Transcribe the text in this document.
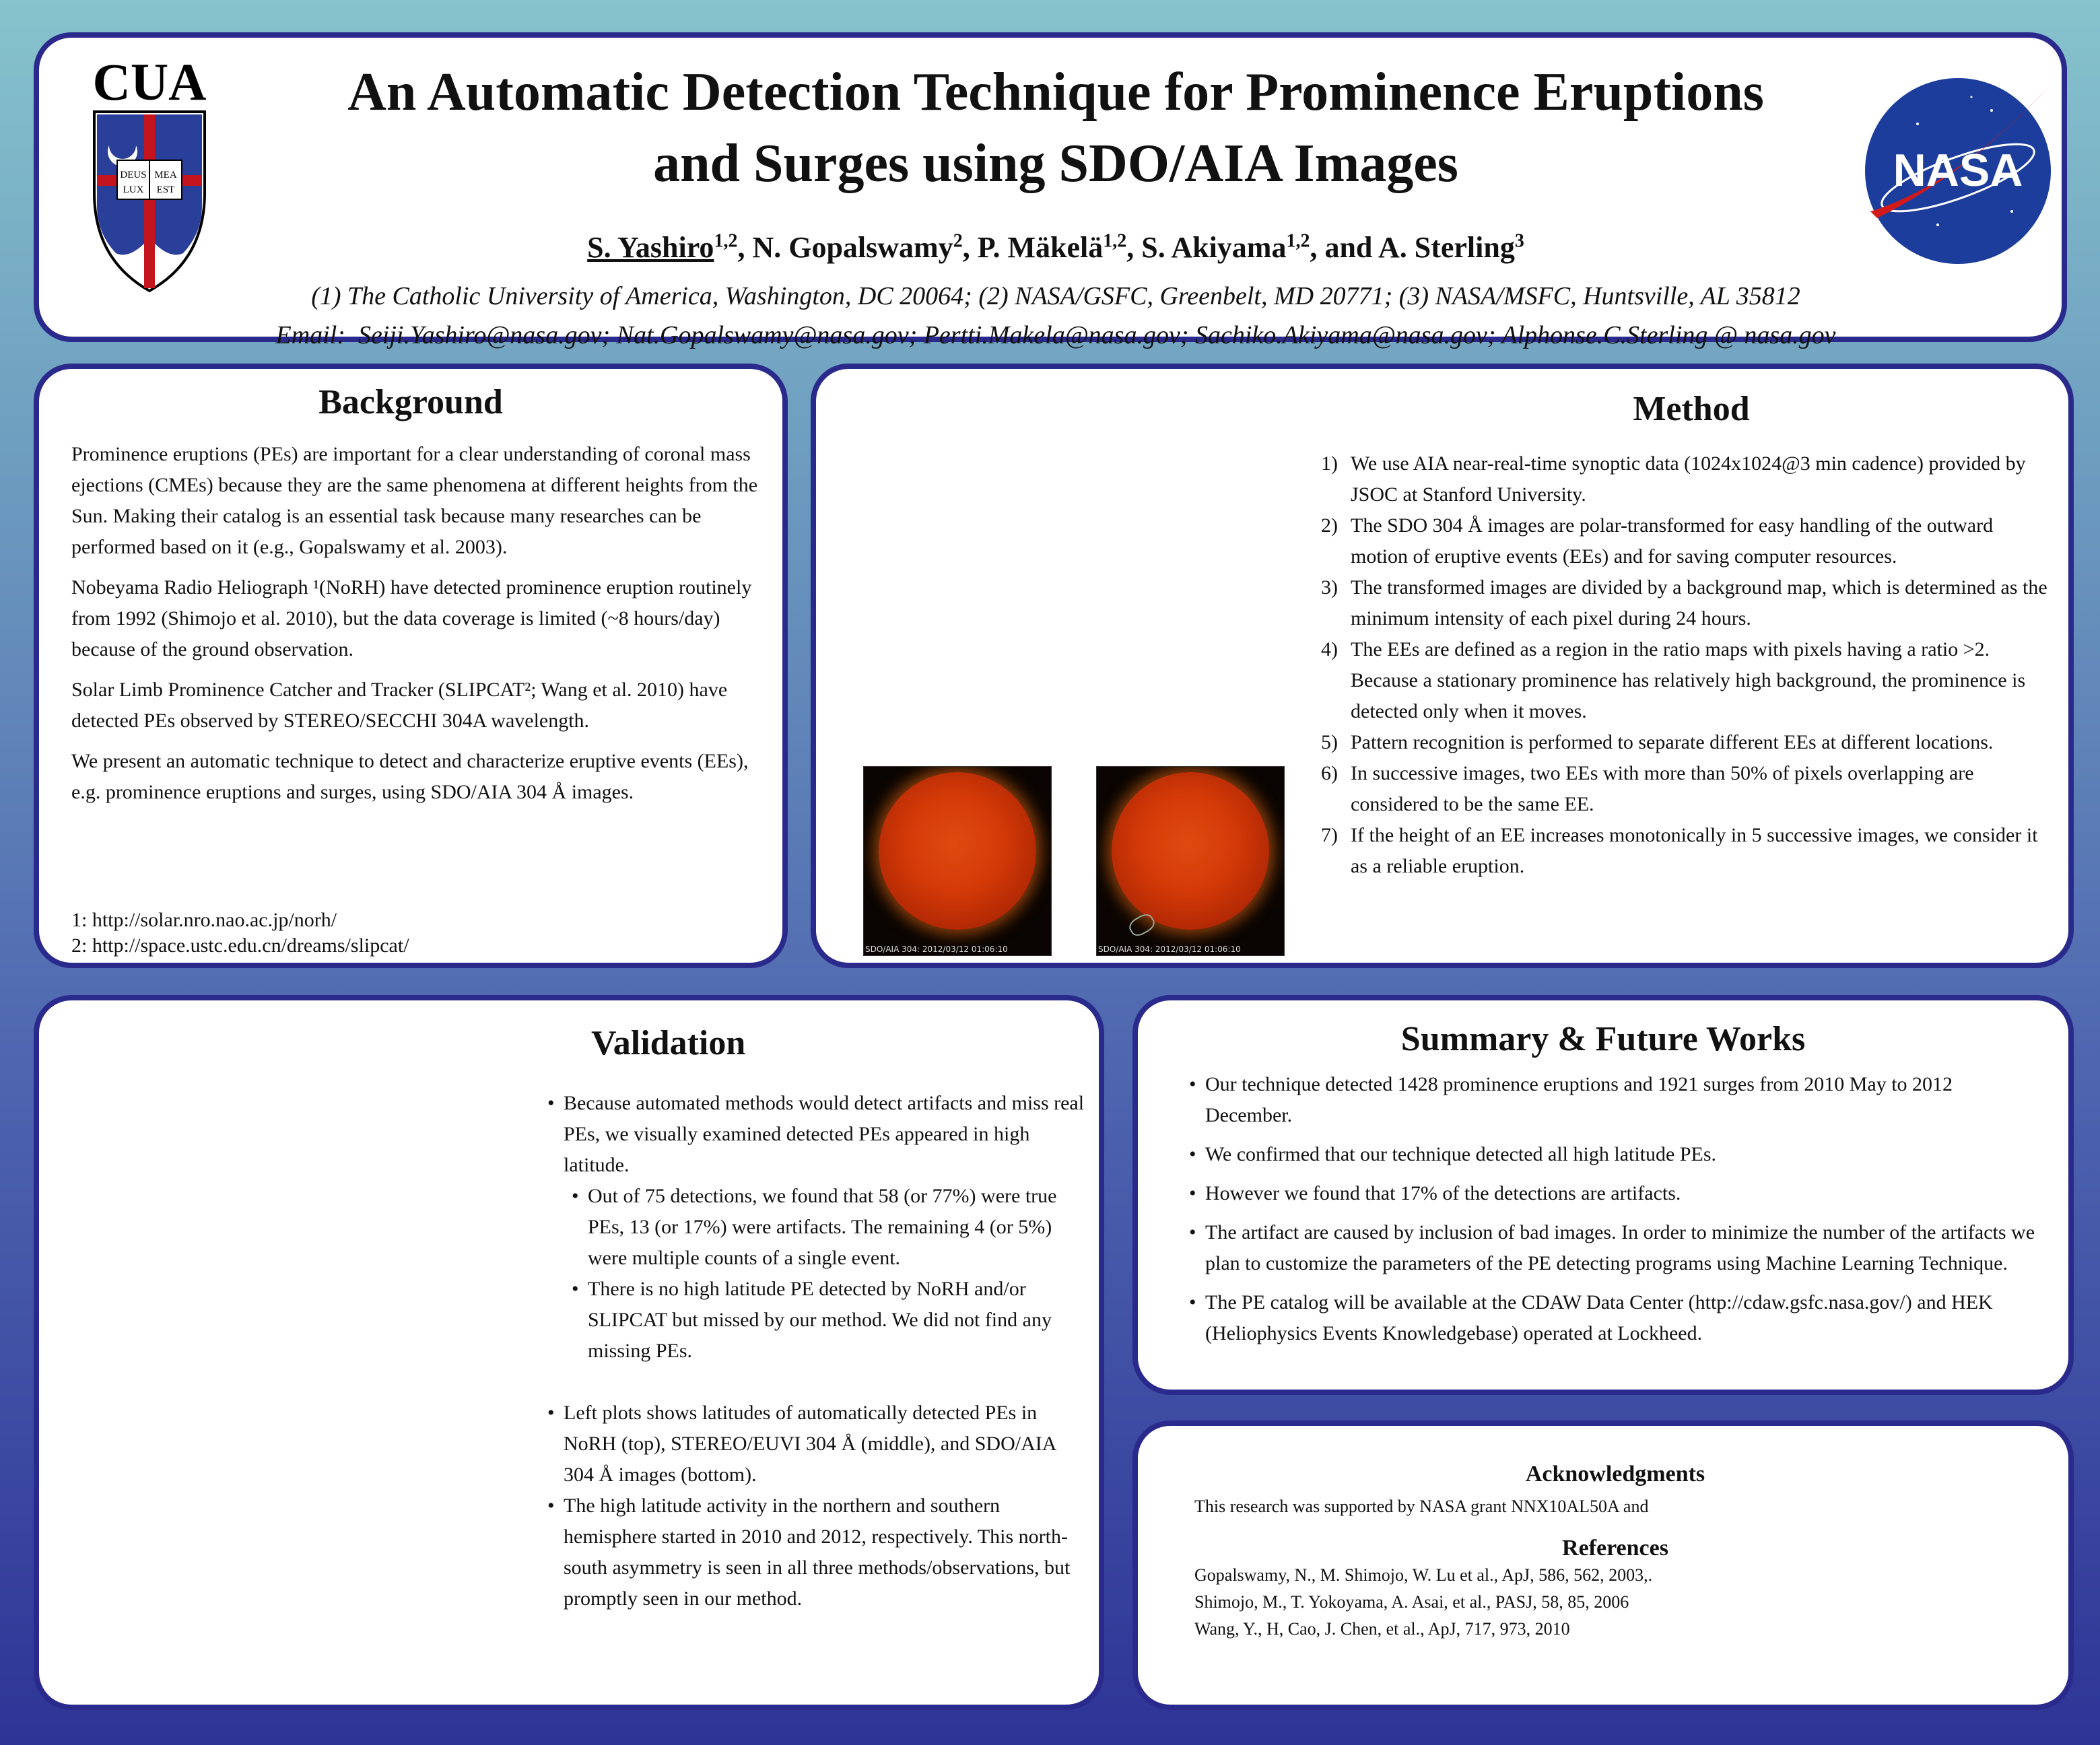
CUA
DEUS MEA
LUX EST
An Automatic Detection Technique for Prominence Eruptions
and Surges using SDO/AIA Images
S. Yashiro$^{1,2}$, N. Gopalswamy$^2$, P. Mäkelä$^{1,2}$, S. Akiyama$^{1,2}$, and A. Sterling$^3$
(1) The Catholic University of America, Washington, DC 20064; (2) NASA/GSFC, Greenbelt, MD 20771; (3) NASA/MSFC, Huntsville, AL 35812
Email: Seiji.Yashiro@nasa.gov; Nat.Gopalswamy@nasa.gov; Pertti.Makela@nasa.gov; Sachiko.Akiyama@nasa.gov; Alphonse.C.Sterling @ nasa.gov
NASA
Background

Prominence eruptions (PEs) are important for a clear understanding of coronal mass ejections (CMEs) because they are the same phenomena at different heights from the Sun. Making their catalog is an essential task because many researches can be performed based on it (e.g., Gopalswamy et al. 2003).

Nobeyama Radio Heliograph ¹(NoRH) have detected prominence eruption routinely from 1992 (Shimojo et al. 2010), but the data coverage is limited (~8 hours/day) because of the ground observation.

Solar Limb Prominence Catcher and Tracker (SLIPCAT²; Wang et al. 2010) have detected PEs observed by STEREO/SECCHI 304A wavelength.

We present an automatic technique to detect and characterize eruptive events (EEs), e.g. prominence eruptions and surges, using SDO/AIA 304 Å images.

1: http://solar.nro.nao.ac.jp/norh/
2: http://space.ustc.edu.cn/dreams/slipcat/
Method
SDO/AIA 304: 2012/03/12 01:06:10	SDO/AIA 304: 2012/03/12 01:06:10
1) We use AIA near-real-time synoptic data (1024x1024@3 min cadence) provided by JSOC at Stanford University.
2) The SDO 304 Å images are polar-transformed for easy handling of the outward motion of eruptive events (EEs) and for saving computer resources.
3) The transformed images are divided by a background map, which is determined as the minimum intensity of each pixel during 24 hours.
4) The EEs are defined as a region in the ratio maps with pixels having a ratio >2. Because a stationary prominence has relatively high background, the prominence is detected only when it moves.
5) Pattern recognition is performed to separate different EEs at different locations.
6) In successive images, two EEs with more than 50% of pixels overlapping are considered to be the same EE.
7) If the height of an EE increases monotonically in 5 successive images, we consider it as a reliable eruption.
Validation
• Because automated methods would detect artifacts and miss real PEs, we visually examined detected PEs appeared in high latitude.
• Out of 75 detections, we found that 58 (or 77%) were true PEs, 13 (or 17%) were artifacts. The remaining 4 (or 5%) were multiple counts of a single event.
• There is no high latitude PE detected by NoRH and/or SLIPCAT but missed by our method. We did not find any missing PEs.
• Left plots shows latitudes of automatically detected PEs in NoRH (top), STEREO/EUVI 304 Å (middle), and SDO/AIA 304 Å images (bottom).
• The high latitude activity in the northern and southern hemisphere started in 2010 and 2012, respectively. This north-south asymmetry is seen in all three methods/observations, but promptly seen in our method.
Summary & Future Works
• Our technique detected 1428 prominence eruptions and 1921 surges from 2010 May to 2012 December.
• We confirmed that our technique detected all high latitude PEs.
• However we found that 17% of the detections are artifacts.
• The artifact are caused by inclusion of bad images. In order to minimize the number of the artifacts we plan to customize the parameters of the PE detecting programs using Machine Learning Technique.
• The PE catalog will be available at the CDAW Data Center (http://cdaw.gsfc.nasa.gov/) and HEK (Heliophysics Events Knowledgebase) operated at Lockheed.
Acknowledgments
This research was supported by NASA grant NNX10AL50A and
References
Gopalswamy, N., M. Shimojo, W. Lu et al., ApJ, 586, 562, 2003,.
Shimojo, M., T. Yokoyama, A. Asai, et al., PASJ, 58, 85, 2006
Wang, Y., H, Cao, J. Chen, et al., ApJ, 717, 973, 2010
